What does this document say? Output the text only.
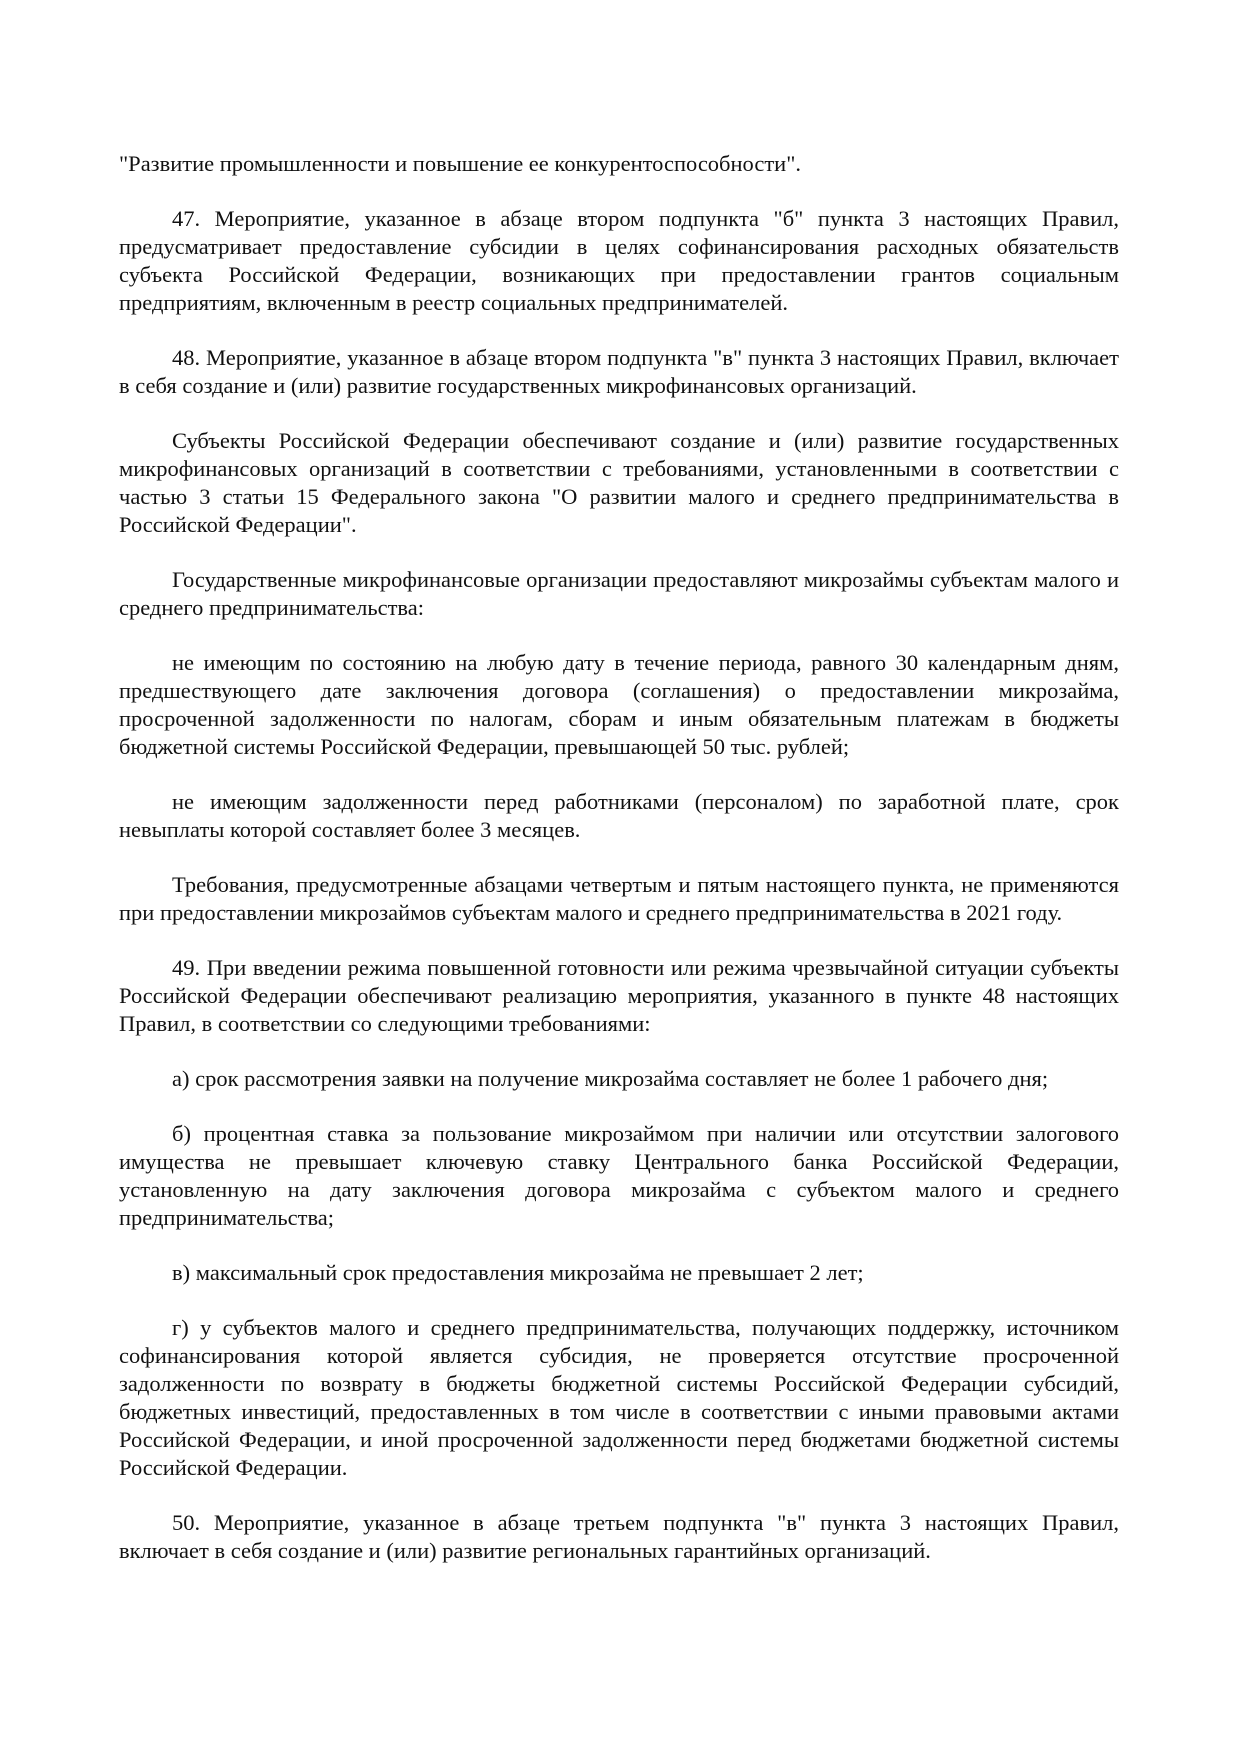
"Развитие промышленности и повышение ее конкурентоспособности".

47. Мероприятие, указанное в абзаце втором подпункта "б" пункта 3 настоящих Правил, предусматривает предоставление субсидии в целях софинансирования расходных обязательств субъекта Российской Федерации, возникающих при предоставлении грантов социальным предприятиям, включенным в реестр социальных предпринимателей.

48. Мероприятие, указанное в абзаце втором подпункта "в" пункта 3 настоящих Правил, включает в себя создание и (или) развитие государственных микрофинансовых организаций.

Субъекты Российской Федерации обеспечивают создание и (или) развитие государственных микрофинансовых организаций в соответствии с требованиями, установленными в соответствии с частью 3 статьи 15 Федерального закона "О развитии малого и среднего предпринимательства в Российской Федерации".

Государственные микрофинансовые организации предоставляют микрозаймы субъектам малого и среднего предпринимательства:

не имеющим по состоянию на любую дату в течение периода, равного 30 календарным дням, предшествующего дате заключения договора (соглашения) о предоставлении микрозайма, просроченной задолженности по налогам, сборам и иным обязательным платежам в бюджеты бюджетной системы Российской Федерации, превышающей 50 тыс. рублей;

не имеющим задолженности перед работниками (персоналом) по заработной плате, срок невыплаты которой составляет более 3 месяцев.

Требования, предусмотренные абзацами четвертым и пятым настоящего пункта, не применяются при предоставлении микрозаймов субъектам малого и среднего предпринимательства в 2021 году.

49. При введении режима повышенной готовности или режима чрезвычайной ситуации субъекты Российской Федерации обеспечивают реализацию мероприятия, указанного в пункте 48 настоящих Правил, в соответствии со следующими требованиями:

а) срок рассмотрения заявки на получение микрозайма составляет не более 1 рабочего дня;

б) процентная ставка за пользование микрозаймом при наличии или отсутствии залогового имущества не превышает ключевую ставку Центрального банка Российской Федерации, установленную на дату заключения договора микрозайма с субъектом малого и среднего предпринимательства;

в) максимальный срок предоставления микрозайма не превышает 2 лет;

г) у субъектов малого и среднего предпринимательства, получающих поддержку, источником софинансирования которой является субсидия, не проверяется отсутствие просроченной задолженности по возврату в бюджеты бюджетной системы Российской Федерации субсидий, бюджетных инвестиций, предоставленных в том числе в соответствии с иными правовыми актами Российской Федерации, и иной просроченной задолженности перед бюджетами бюджетной системы Российской Федерации.

50. Мероприятие, указанное в абзаце третьем подпункта "в" пункта 3 настоящих Правил, включает в себя создание и (или) развитие региональных гарантийных организаций.
